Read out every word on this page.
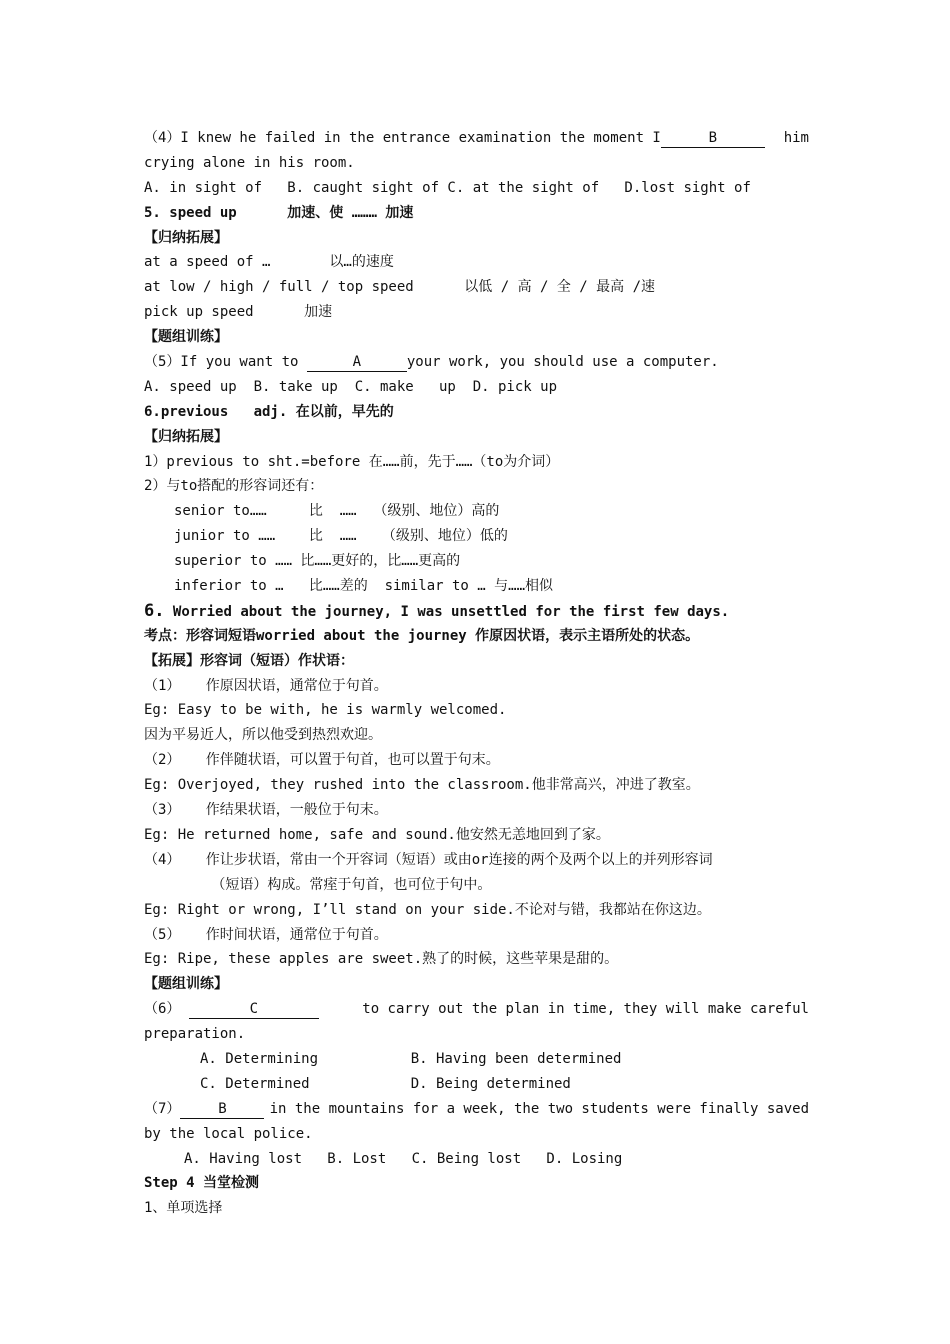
（4）I knew he failed in the entrance examination the moment I	B	him
crying alone in his room.
A. in sight of   B. caught sight of C. at the sight of   D.lost sight of
5. speed up      加速、使 ……… 加速
【归纳拓展】
at a speed of …       以…的速度
at low / high / full / top speed      以低 / 高 / 全 / 最高 /速
pick up speed      加速
【题组训练】
（5）If you want to	A	your work, you should use a computer.
A. speed up  B. take up  C. make   up  D. pick up
6.previous   adj. 在以前，早先的
【归纳拓展】
1）previous to sht.=before 在……前，先于……（to为介词）
2）与to搭配的形容词还有：
senior to……     比  ……  （级别、地位）高的
junior to ……    比  ……   （级别、地位）低的
superior to …… 比……更好的，比……更高的
inferior to …   比……差的  similar to … 与……相似
6. Worried about the journey, I was unsettled for the first few days.
考点：形容词短语worried about the journey 作原因状语，表示主语所处的状态。
【拓展】形容词（短语）作状语：
（1）   作原因状语，通常位于句首。
Eg: Easy to be with, he is warmly welcomed.
因为平易近人，所以他受到热烈欢迎。
（2）   作伴随状语，可以置于句首，也可以置于句末。
Eg: Overjoyed, they rushed into the classroom.他非常高兴，冲进了教室。
（3）   作结果状语，一般位于句末。
Eg: He returned home, safe and sound.他安然无恙地回到了家。
（4）   作让步状语，常由一个开容词（短语）或由or连接的两个及两个以上的并列形容词
（短语）构成。常痓于句首，也可位于句中。
Eg: Right or wrong, I’ll stand on your side.不论对与错，我都站在你这边。
（5）   作时间状语，通常位于句首。
Eg: Ripe, these apples are sweet.熟了的时候，这些苹果是甜的。
【题组训练】
（6）	C	to carry out the plan in time, they will make careful
preparation.
A. Determining           B. Having been determined
C. Determined            D. Being determined
（7）	B	in the mountains for a week, the two students were finally saved
by the local police.
A. Having lost   B. Lost   C. Being lost   D. Losing
Step 4 当堂检测
1、单项选择
